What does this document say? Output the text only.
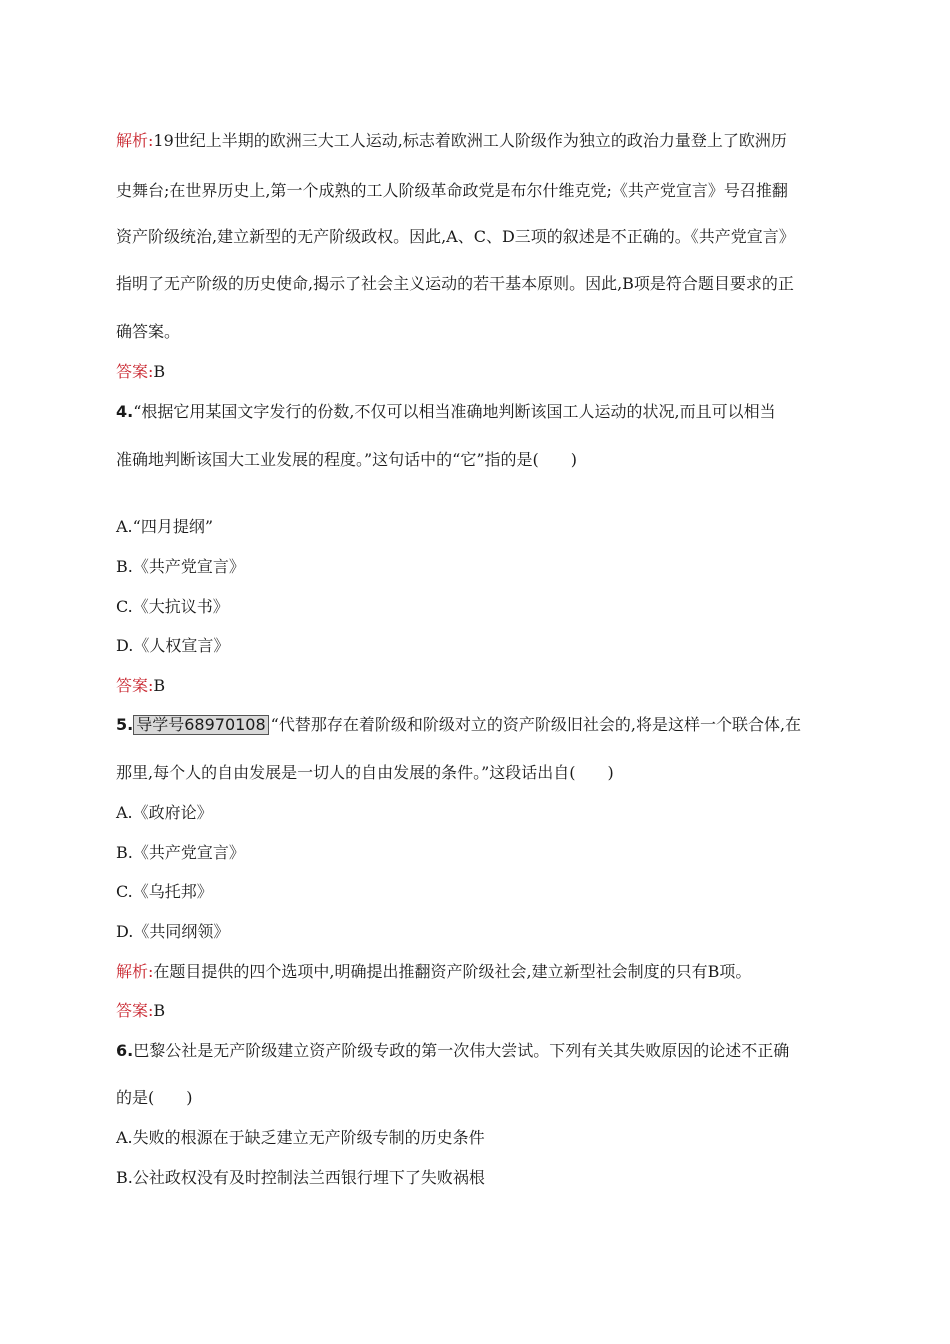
解析:19世纪上半期的欧洲三大工人运动,标志着欧洲工人阶级作为独立的政治力量登上了欧洲历
史舞台;在世界历史上,第一个成熟的工人阶级革命政党是布尔什维克党;《共产党宣言》号召推翻
资产阶级统治,建立新型的无产阶级政权。因此,A、C、D三项的叙述是不正确的。《共产党宣言》
指明了无产阶级的历史使命,揭示了社会主义运动的若干基本原则。因此,B项是符合题目要求的正
确答案。
答案:B
4.“根据它用某国文字发行的份数,不仅可以相当准确地判断该国工人运动的状况,而且可以相当
准确地判断该国大工业发展的程度。”这句话中的“它”指的是(　　)
A.“四月提纲”
B.《共产党宣言》
C.《大抗议书》
D.《人权宣言》
答案:B
5. 导学号68970108 “代替那存在着阶级和阶级对立的资产阶级旧社会的,将是这样一个联合体,在
那里,每个人的自由发展是一切人的自由发展的条件。”这段话出自(　　)
A.《政府论》
B.《共产党宣言》
C.《乌托邦》
D.《共同纲领》
解析:在题目提供的四个选项中,明确提出推翻资产阶级社会,建立新型社会制度的只有B项。
答案:B
6.巴黎公社是无产阶级建立资产阶级专政的第一次伟大尝试。下列有关其失败原因的论述不正确
的是(　　)
A.失败的根源在于缺乏建立无产阶级专制的历史条件
B.公社政权没有及时控制法兰西银行埋下了失败祸根
